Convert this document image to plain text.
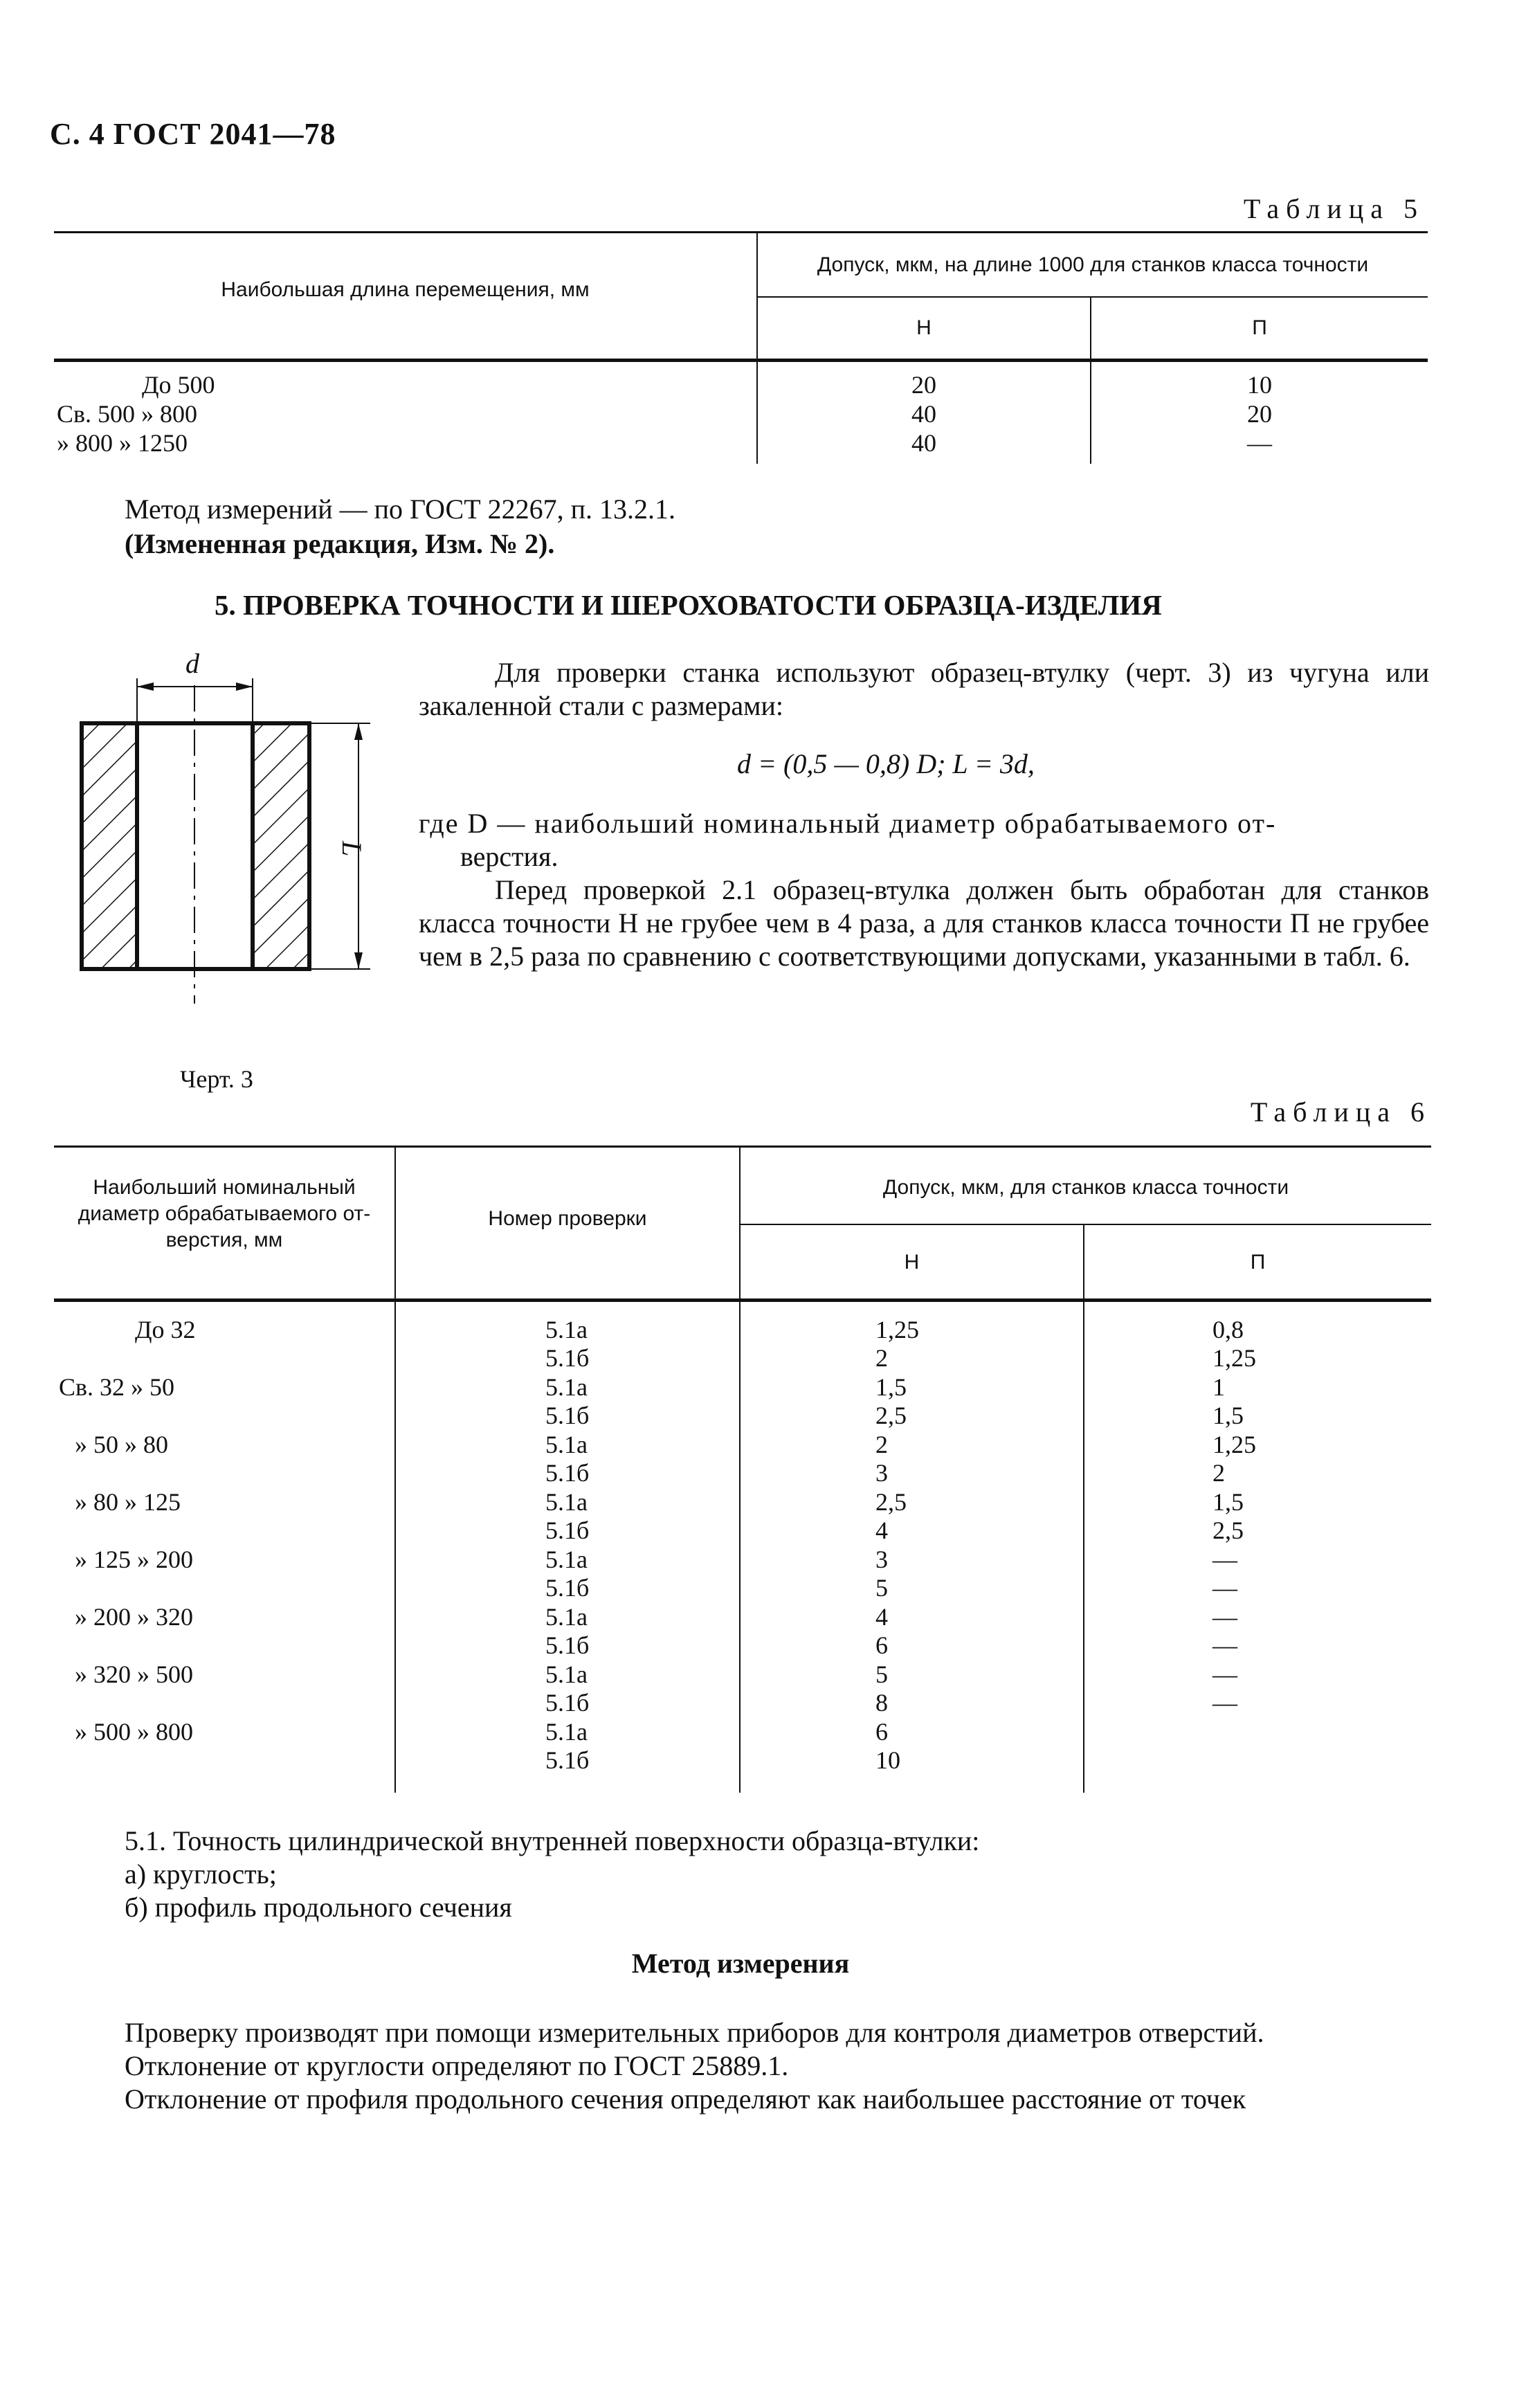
С. 4 ГОСТ 2041—78
Таблица 5
Наибольшая длина перемещения, мм
Допуск, мкм, на длине 1000 для станков класса точности
Н	П
До 500
Св. 500 » 800
» 800 » 1250
20
40
40
10
20
—
Метод измерений — по ГОСТ 22267, п. 13.2.1.
(Измененная редакция, Изм. № 2).
5. ПРОВЕРКА ТОЧНОСТИ И ШЕРОХОВАТОСТИ ОБРАЗЦА-ИЗДЕЛИЯ
d
L
Черт. 3
Для проверки станка используют образец-втулку (черт. 3) из чугуна или закаленной стали с размерами:
d = (0,5 — 0,8) D; L = 3d,
где D — наибольший номинальный диаметр обрабатываемого от-
верстия.
Перед проверкой 2.1 образец-втулка должен быть обработан для станков класса точности Н не грубее чем в 4 раза, а для станков класса точности П не грубее чем в 2,5 раза по сравнению с соответствующими допусками, указанными в табл. 6.
Таблица 6
Наибольший номинальный диаметр обрабатываемого от-верстия, мм
Номер проверки
Допуск, мкм, для станков класса точности
Н	П
До 32
Св. 32 » 50
» 50 » 80
» 80 » 125
» 125 » 200
» 200 » 320
» 320 » 500
» 500 » 800
5.1а
5.1б
5.1а
5.1б
5.1а
5.1б
5.1а
5.1б
5.1а
5.1б
5.1а
5.1б
5.1а
5.1б
5.1а
5.1б
1,25
2
1,5
2,5
2
3
2,5
4
3
5
4
6
5
8
6
10
0,8
1,25
1
1,5
1,25
2
1,5
2,5
—
—
—
—
—
—
5.1. Точность цилиндрической внутренней поверхности образца-втулки:
а) круглость;
б) профиль продольного сечения
Метод измерения
Проверку производят при помощи измерительных приборов для контроля диаметров отверстий.
Отклонение от круглости определяют по ГОСТ 25889.1.
Отклонение от профиля продольного сечения определяют как наибольшее расстояние от точек
